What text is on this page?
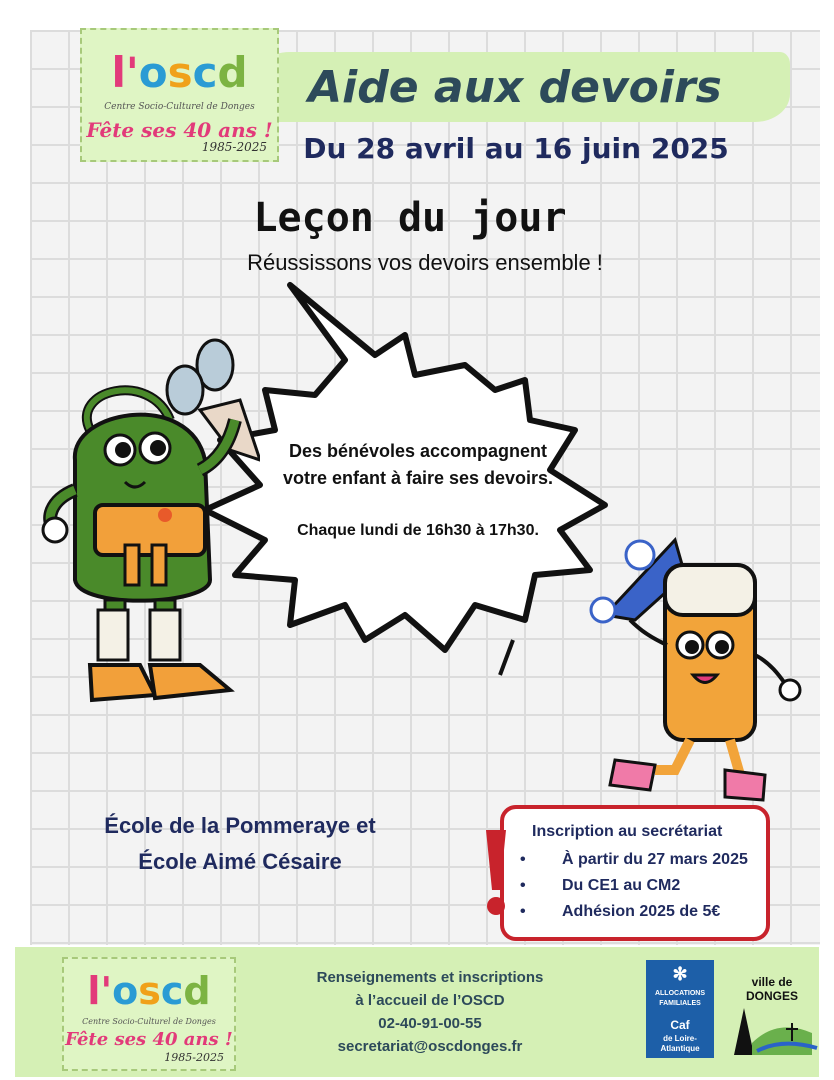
l'oscd
Centre Socio-Culturel de Donges
Fête ses 40 ans !
1985-2025
Aide aux devoirs
Du 28 avril au 16 juin 2025
Leçon du jour
Réussissons vos devoirs ensemble !
Des bénévoles accompagnent
votre enfant à faire ses devoirs.
Chaque lundi de 16h30 à 17h30.
École de la Pommeraye et
École Aimé Césaire
Inscription au secrétariat
• À partir du 27 mars 2025
• Du CE1 au CM2
• Adhésion 2025 de 5€
l'oscd
Centre Socio-Culturel de Donges
Fête ses 40 ans !
1985-2025
Renseignements et inscriptions
à l’accueil de l’OSCD
02-40-91-00-55
secretariat@oscdonges.fr
✻
ALLOCATIONS
FAMILIALES
Caf
de Loire-
Atlantique
ville de
DONGES
